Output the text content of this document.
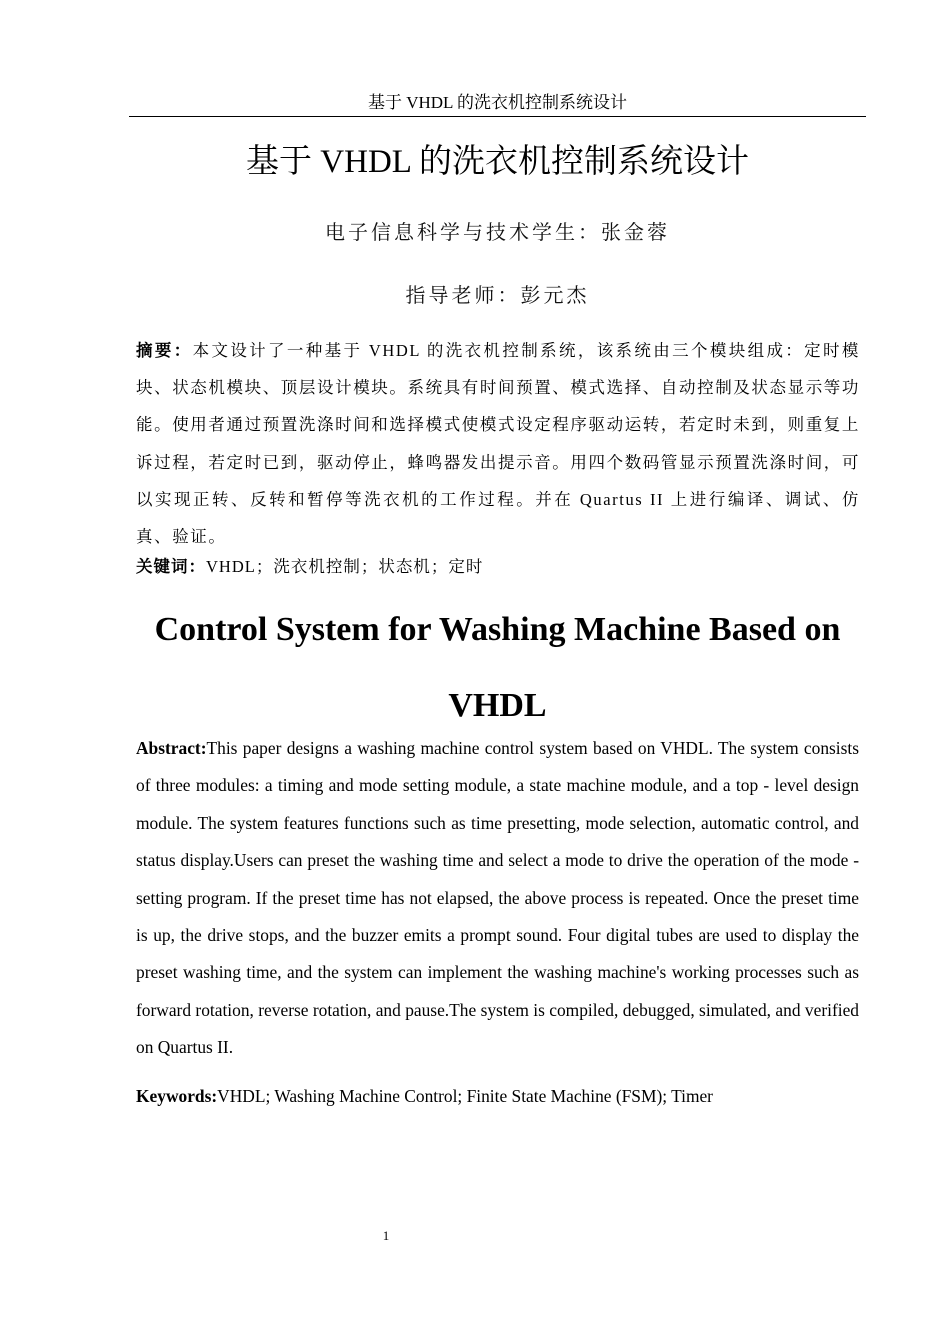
基于 VHDL 的洗衣机控制系统设计
基于 VHDL 的洗衣机控制系统设计
电子信息科学与技术学生：张金蓉
指导老师：彭元杰

摘要：本文设计了一种基于 VHDL 的洗衣机控制系统，该系统由三个模块组成：定时模块、状态机模块、顶层设计模块。系统具有时间预置、模式选择、自动控制及状态显示等功能。使用者通过预置洗涤时间和选择模式使模式设定程序驱动运转，若定时未到，则重复上诉过程，若定时已到，驱动停止，蜂鸣器发出提示音。用四个数码管显示预置洗涤时间，可以实现正转、反转和暂停等洗衣机的工作过程。并在 Quartus II 上进行编译、调试、仿真、验证。

关键词：VHDL；洗衣机控制；状态机；定时
Control System for Washing Machine Based on VHDL

Abstract:This paper designs a washing machine control system based on VHDL. The system consists of three modules: a timing and mode setting module, a state machine module, and a top - level design module. The system features functions such as time presetting, mode selection, automatic control, and status display.Users can preset the washing time and select a mode to drive the operation of the mode - setting program. If the preset time has not elapsed, the above process is repeated. Once the preset time is up, the drive stops, and the buzzer emits a prompt sound. Four digital tubes are used to display the preset washing time, and the system can implement the washing machine's working processes such as forward rotation, reverse rotation, and pause.The system is compiled, debugged, simulated, and verified on Quartus II.

Keywords:VHDL; Washing Machine Control; Finite State Machine (FSM); Timer
1
